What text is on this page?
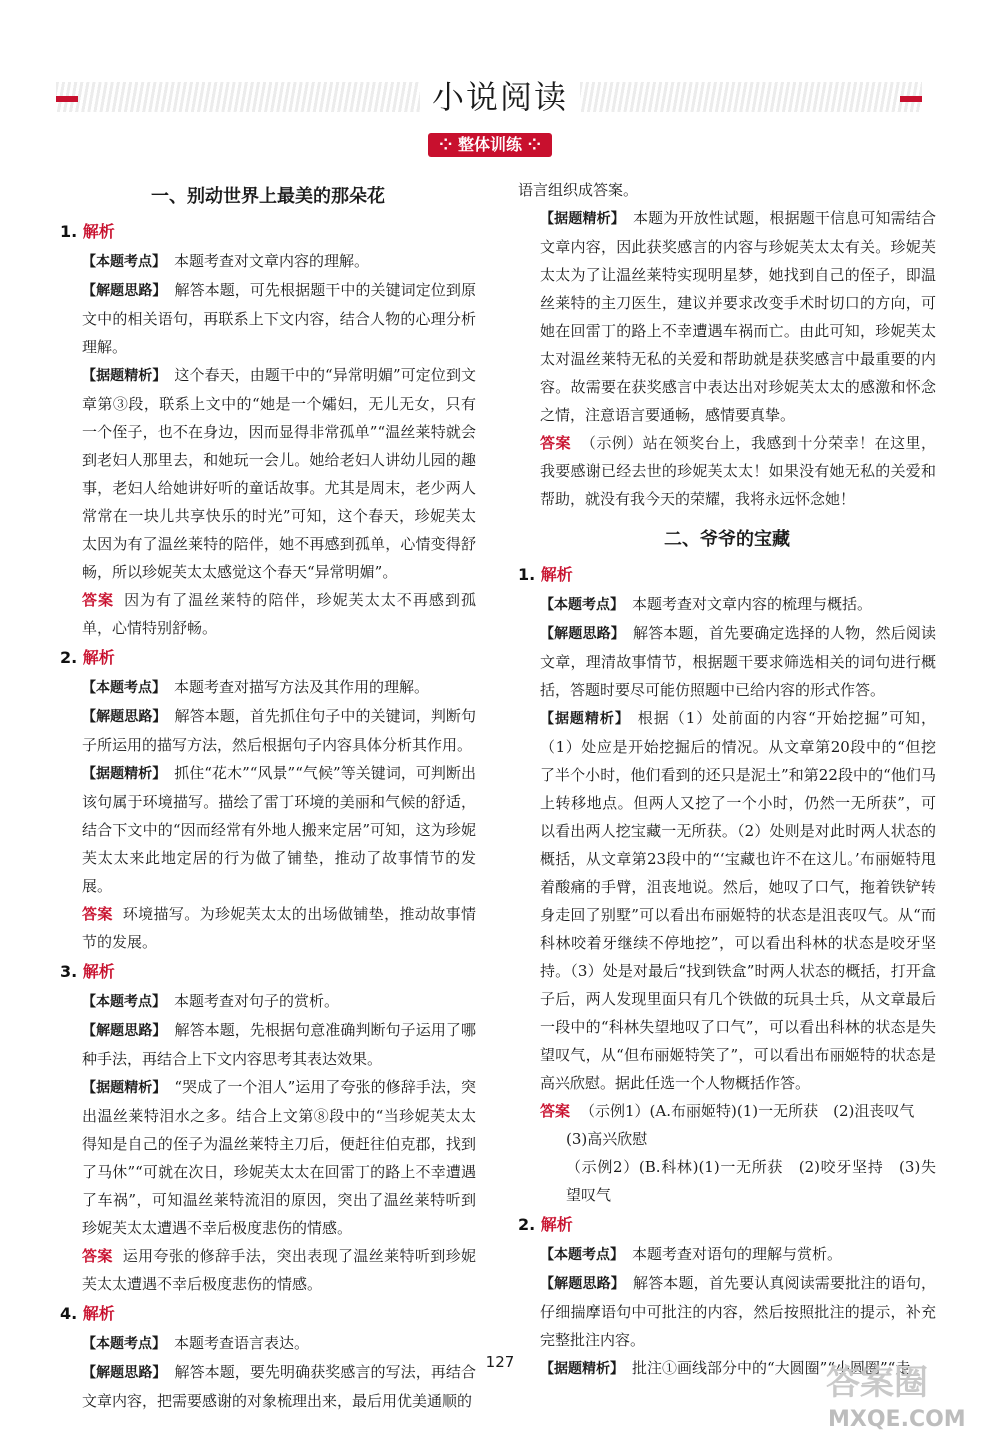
小说阅读
⁘ 整体训练 ⁘
一、别动世界上最美的那朵花
1. 解析

【本题考点】 本题考查对文章内容的理解。

【解题思路】 解答本题，可先根据题干中的关键词定位到原文中的相关语句，再联系上下文内容，结合人物的心理分析理解。

【据题精析】 这个春天，由题干中的“异常明媚”可定位到文章第③段，联系上文中的“她是一个孀妇，无儿无女，只有一个侄子，也不在身边，因而显得非常孤单”“温丝莱特就会到老妇人那里去，和她玩一会儿。她给老妇人讲幼儿园的趣事，老妇人给她讲好听的童话故事。尤其是周末，老少两人常常在一块儿共享快乐的时光”可知，这个春天，珍妮芙太太因为有了温丝莱特的陪伴，她不再感到孤单，心情变得舒畅，所以珍妮芙太太感觉这个春天“异常明媚”。

答案 因为有了温丝莱特的陪伴，珍妮芙太太不再感到孤单，心情特别舒畅。

2. 解析

【本题考点】 本题考查对描写方法及其作用的理解。

【解题思路】 解答本题，首先抓住句子中的关键词，判断句子所运用的描写方法，然后根据句子内容具体分析其作用。

【据题精析】 抓住“花木”“风景”“气候”等关键词，可判断出该句属于环境描写。描绘了雷丁环境的美丽和气候的舒适，结合下文中的“因而经常有外地人搬来定居”可知，这为珍妮芙太太来此地定居的行为做了铺垫，推动了故事情节的发展。

答案 环境描写。为珍妮芙太太的出场做铺垫，推动故事情节的发展。

3. 解析

【本题考点】 本题考查对句子的赏析。

【解题思路】 解答本题，先根据句意准确判断句子运用了哪种手法，再结合上下文内容思考其表达效果。

【据题精析】 “哭成了一个泪人”运用了夸张的修辞手法，突出温丝莱特泪水之多。结合上文第⑧段中的“当珍妮芙太太得知是自己的侄子为温丝莱特主刀后，便赶往伯克郡，找到了马休”“可就在次日，珍妮芙太太在回雷丁的路上不幸遭遇了车祸”，可知温丝莱特流泪的原因，突出了温丝莱特听到珍妮芙太太遭遇不幸后极度悲伤的情感。

答案 运用夸张的修辞手法，突出表现了温丝莱特听到珍妮芙太太遭遇不幸后极度悲伤的情感。

4. 解析

【本题考点】 本题考查语言表达。

【解题思路】 解答本题，要先明确获奖感言的写法，再结合文章内容，把需要感谢的对象梳理出来，最后用优美通顺的

语言组织成答案。

【据题精析】 本题为开放性试题，根据题干信息可知需结合文章内容，因此获奖感言的内容与珍妮芙太太有关。珍妮芙太太为了让温丝莱特实现明星梦，她找到自己的侄子，即温丝莱特的主刀医生，建议并要求改变手术时切口的方向，可她在回雷丁的路上不幸遭遇车祸而亡。由此可知，珍妮芙太太对温丝莱特无私的关爱和帮助就是获奖感言中最重要的内容。故需要在获奖感言中表达出对珍妮芙太太的感激和怀念之情，注意语言要通畅，感情要真挚。

答案 （示例）站在领奖台上，我感到十分荣幸！在这里，我要感谢已经去世的珍妮芙太太！如果没有她无私的关爱和帮助，就没有我今天的荣耀，我将永远怀念她！

二、爷爷的宝藏
1. 解析

【本题考点】 本题考查对文章内容的梳理与概括。

【解题思路】 解答本题，首先要确定选择的人物，然后阅读文章，理清故事情节，根据题干要求筛选相关的词句进行概括，答题时要尽可能仿照题中已给内容的形式作答。

【据题精析】 根据（1）处前面的内容“开始挖掘”可知，（1）处应是开始挖掘后的情况。从文章第20段中的“但挖了半个小时，他们看到的还只是泥土”和第22段中的“他们马上转移地点。但两人又挖了一个小时，仍然一无所获”，可以看出两人挖宝藏一无所获。（2）处则是对此时两人状态的概括，从文章第23段中的“‘宝藏也许不在这儿。’布丽姬特甩着酸痛的手臂，沮丧地说。然后，她叹了口气，拖着铁铲转身走回了别墅”可以看出布丽姬特的状态是沮丧叹气。从“而科林咬着牙继续不停地挖”，可以看出科林的状态是咬牙坚持。（3）处是对最后“找到铁盒”时两人状态的概括，打开盒子后，两人发现里面只有几个铁做的玩具士兵，从文章最后一段中的“科林失望地叹了口气”，可以看出科林的状态是失望叹气，从“但布丽姬特笑了”，可以看出布丽姬特的状态是高兴欣慰。据此任选一个人物概括作答。

答案 （示例1）(A.布丽姬特)(1)一无所获　(2)沮丧叹气

(3)高兴欣慰

（示例2）(B.科林)(1)一无所获　(2)咬牙坚持　(3)失望叹气

2. 解析

【本题考点】 本题考查对语句的理解与赏析。

【解题思路】 解答本题，首先要认真阅读需要批注的语句，仔细揣摩语句中可批注的内容，然后按照批注的提示，补充完整批注内容。

【据题精析】 批注①画线部分中的“大圆圈”“小圆圈”“走

127
答案圈
MXQE.COM
